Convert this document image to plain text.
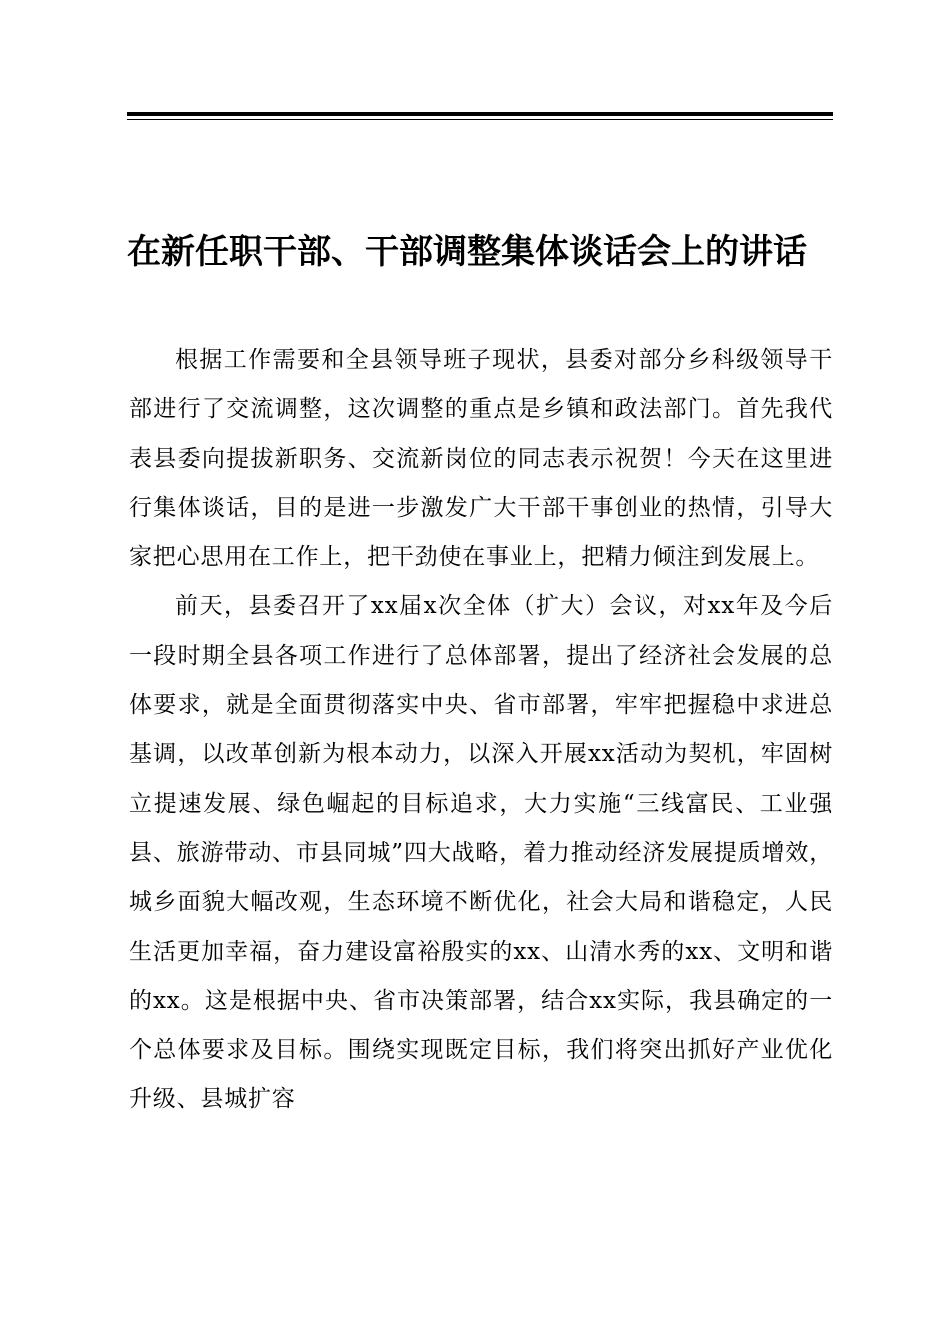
在新任职干部、干部调整集体谈话会上的讲话

根据工作需要和全县领导班子现状，县委对部分乡科级领导干部进行了交流调整，这次调整的重点是乡镇和政法部门。首先我代表县委向提拔新职务、交流新岗位的同志表示祝贺！今天在这里进行集体谈话，目的是进一步激发广大干部干事创业的热情，引导大家把心思用在工作上，把干劲使在事业上，把精力倾注到发展上。

前天，县委召开了xx届x次全体（扩大）会议，对xx年及今后一段时期全县各项工作进行了总体部署，提出了经济社会发展的总体要求，就是全面贯彻落实中央、省市部署，牢牢把握稳中求进总基调，以改革创新为根本动力，以深入开展xx活动为契机，牢固树立提速发展、绿色崛起的目标追求，大力实施“三线富民、工业强县、旅游带动、市县同城”四大战略，着力推动经济发展提质增效，城乡面貌大幅改观，生态环境不断优化，社会大局和谐稳定，人民生活更加幸福，奋力建设富裕殷实的xx、山清水秀的xx、文明和谐的xx。这是根据中央、省市决策部署，结合xx实际，我县确定的一个总体要求及目标。围绕实现既定目标，我们将突出抓好产业优化升级、县城扩容
